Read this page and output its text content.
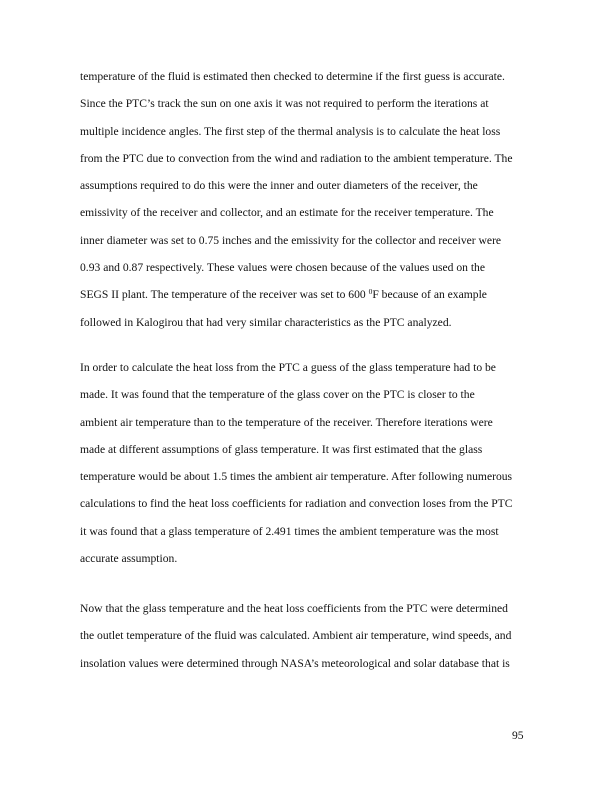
temperature of the fluid is estimated then checked to determine if the first guess is accurate.
Since the PTC’s track the sun on one axis it was not required to perform the iterations at
multiple incidence angles. The first step of the thermal analysis is to calculate the heat loss
from the PTC due to convection from the wind and radiation to the ambient temperature. The
assumptions required to do this were the inner and outer diameters of the receiver, the
emissivity of the receiver and collector, and an estimate for the receiver temperature. The
inner diameter was set to 0.75 inches and the emissivity for the collector and receiver were
0.93 and 0.87 respectively. These values were chosen because of the values used on the
SEGS II plant. The temperature of the receiver was set to 600 $^0$F because of an example
followed in Kalogirou that had very similar characteristics as the PTC analyzed.
In order to calculate the heat loss from the PTC a guess of the glass temperature had to be
made. It was found that the temperature of the glass cover on the PTC is closer to the
ambient air temperature than to the temperature of the receiver. Therefore iterations were
made at different assumptions of glass temperature. It was first estimated that the glass
temperature would be about 1.5 times the ambient air temperature. After following numerous
calculations to find the heat loss coefficients for radiation and convection loses from the PTC
it was found that a glass temperature of 2.491 times the ambient temperature was the most
accurate assumption.
Now that the glass temperature and the heat loss coefficients from the PTC were determined
the outlet temperature of the fluid was calculated. Ambient air temperature, wind speeds, and
insolation values were determined through NASA’s meteorological and solar database that is
95
